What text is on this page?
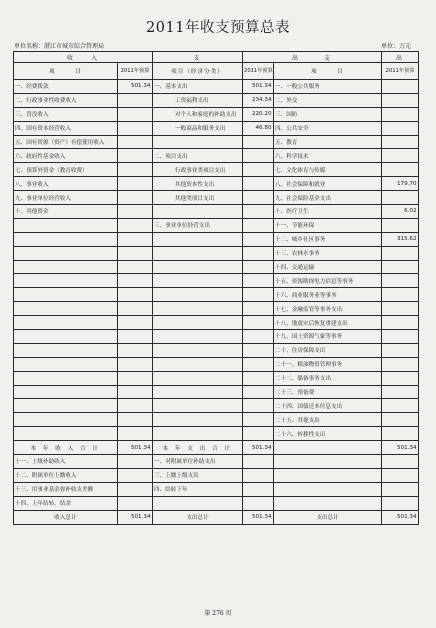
2011年收支预算总表
单位名称：湛江市城市综合管理局	单位：万元
收　　入		支	出　　　支		出
项　　　目	2011年预算	项目（经济分类）	2011年预算	项　　　目	2011年预算
一、经费拨款	501.34	一、基本支出	501.34	一、一般公共服务	
二、行政事业性收费收入		工资福利支出	234.34	二、外交	
三、罚没收入		对个人和家庭的补助支出	220.20	三、国防	
四、国有资本经营收入		一般商品和服务支出	46.80	四、公共安全	
五、国有资源（资产）有偿使用收入				五、教育	
六、政府性基金收入		二、项目支出		六、科学技术	
七、预算外资金（教育收费）		行政事业类项目支出		七、文化体育与传媒	
八、事业收入		其他资本性支出		八、社会保障和就业	179.70
九、事业单位经营收入		其他类项目支出		九、社会保险基金支出	
十、其他资金				十、医疗卫生	6.02
		三、事业单位经营支出		十一、节能环保	
				十二、城乡社区事务	315.62
				十三、农林水事务	
				十四、交通运输	
				十五、资源勘探电力信息等事务	
				十六、商业服务业等事务	
				十七、金融监管等事务支出	
				十八、地震灾后恢复重建支出	
				十九、国土资源气象等事务	
				二十、住房保障支出	
				二十一、粮油物资管理事务	
				二十二、储备事务支出	
				二十三、预备费	
				二十四、国债还本付息支出	
				二十五、其他支出	
				二十六、转移性支出	
本 年 收 入 合 计	501.34	本 年 支 出 合 计	501.34		501.34
十一、上级补助收入		一、对附属单位补助支出			
十二、附属单位上缴收入		三、上缴上级支出			
十三、用事业基金弥补收支差额		四、结转下年			
十四、上年结转、结余					
收入总计	501.34	支出总计	501.34	支出总计	501.34
第 276 页
